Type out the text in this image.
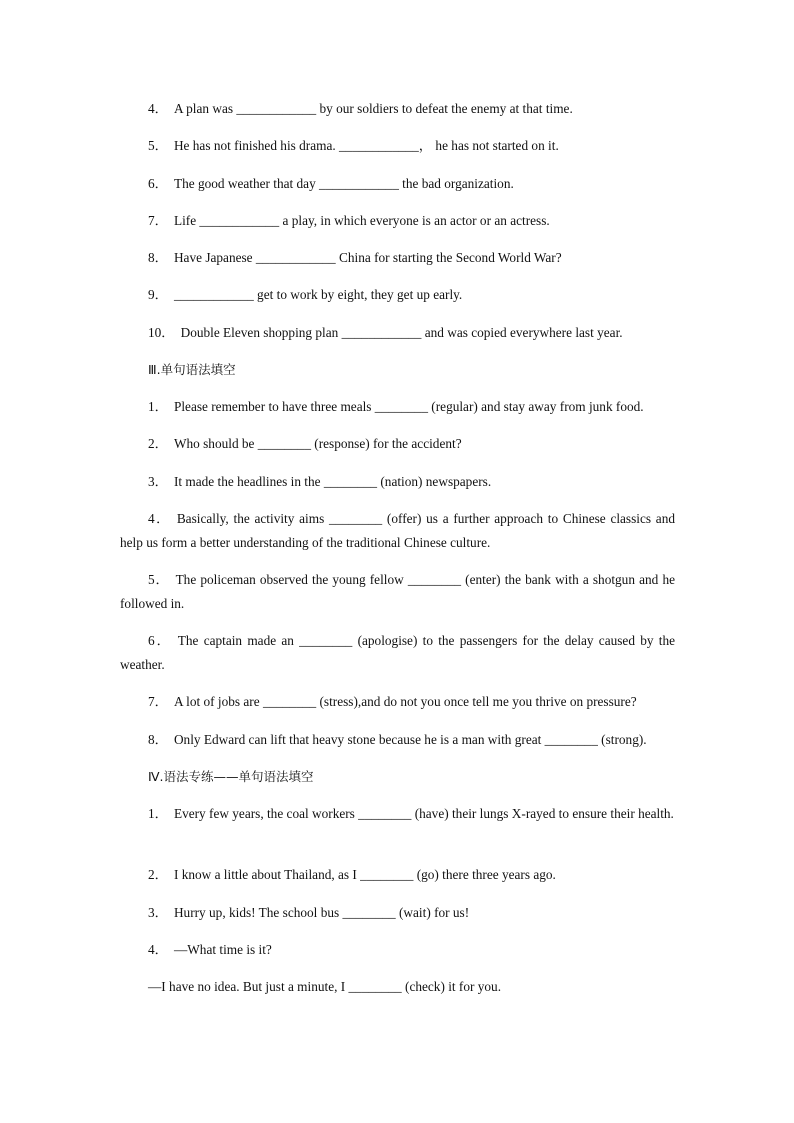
4． A plan was ____________ by our soldiers to defeat the enemy at that time.
5． He has not finished his drama. ____________， he has not started on it.
6． The good weather that day ____________ the bad organization.
7． Life ____________ a play, in which everyone is an actor or an actress.
8． Have Japanese ____________ China for starting the Second World War?
9． ____________ get to work by eight, they get up early.
10． Double Eleven shopping plan ____________ and was copied everywhere last year.
Ⅲ.单句语法填空
1． Please remember to have three meals ________ (regular) and stay away from junk food.
2． Who should be ________ (response) for the accident?
3． It made the headlines in the ________ (nation) newspapers.
4． Basically, the activity aims ________ (offer) us a further approach to Chinese classics and help us form a better understanding of the traditional Chinese culture.
5． The policeman observed the young fellow ________ (enter) the bank with a shotgun and he followed in.
6． The captain made an ________ (apologise) to the passengers for the delay caused by the weather.
7． A lot of jobs are ________ (stress),and do not you once tell me you thrive on pressure?
8． Only Edward can lift that heavy stone because he is a man with great ________ (strong).
Ⅳ.语法专练——单句语法填空
1． Every few years, the coal workers ________ (have) their lungs X-rayed to ensure their health.
2． I know a little about Thailand, as I ________ (go) there three years ago.
3． Hurry up, kids! The school bus ________ (wait) for us!
4． —What time is it?
—I have no idea. But just a minute, I ________ (check) it for you.
